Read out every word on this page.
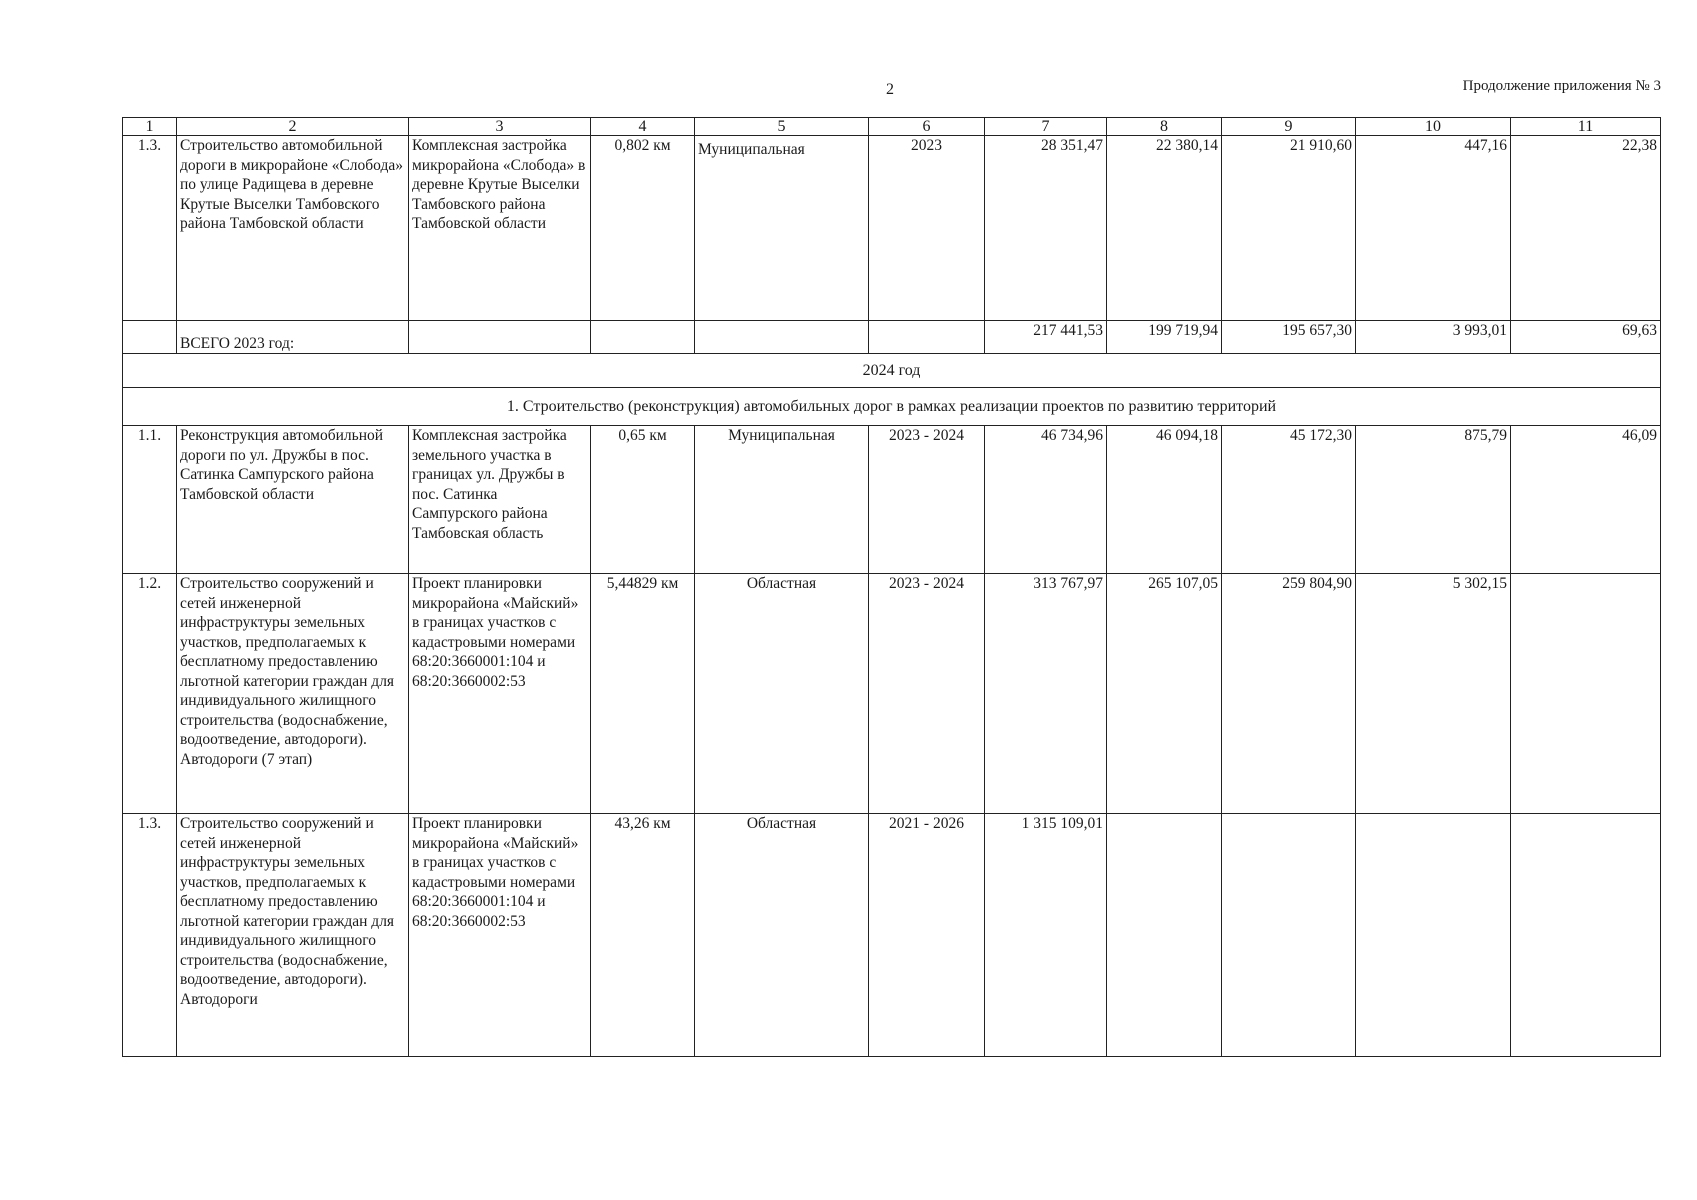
2	Продолжение приложения № 3
1	2	3	4	5	6	7	8	9	10	11
1.3.	Строительство автомобильной дороги в микрорайоне «Слобода» по улице Радищева в деревне Крутые Выселки Тамбовского района Тамбовской области	Комплексная застройка микрорайона «Слобода» в деревне Крутые Выселки Тамбовского района Тамбовской области	0,802 км	Муниципальная	2023	28 351,47	22 380,14	21 910,60	447,16	22,38
	ВСЕГО 2023 год:					217 441,53	199 719,94	195 657,30	3 993,01	69,63
2024 год										
1. Строительство (реконструкция) автомобильных дорог в рамках реализации проектов по развитию территорий										
1.1.	Реконструкция автомобильной дороги по ул. Дружбы в пос. Сатинка Сампурского района Тамбовской области	Комплексная застройка земельного участка в границах ул. Дружбы в пос. Сатинка Сампурского района Тамбовская область	0,65 км	Муниципальная	2023 - 2024	46 734,96	46 094,18	45 172,30	875,79	46,09
1.2.	Строительство сооружений и сетей инженерной инфраструктуры земельных участков, предполагаемых к бесплатному предоставлению льготной категории граждан для индивидуального жилищного строительства (водоснабжение, водоотведение, автодороги). Автодороги (7 этап)	Проект планировки микрорайона «Майский» в границах участков с кадастровыми номерами 68:20:3660001:104 и 68:20:3660002:53	5,44829 км	Областная	2023 - 2024	313 767,97	265 107,05	259 804,90	5 302,15	
1.3.	Строительство сооружений и сетей инженерной инфраструктуры земельных участков, предполагаемых к бесплатному предоставлению льготной категории граждан для индивидуального жилищного строительства (водоснабжение, водоотведение, автодороги). Автодороги	Проект планировки микрорайона «Майский» в границах участков с кадастровыми номерами 68:20:3660001:104 и 68:20:3660002:53	43,26 км	Областная	2021 - 2026	1 315 109,01				
